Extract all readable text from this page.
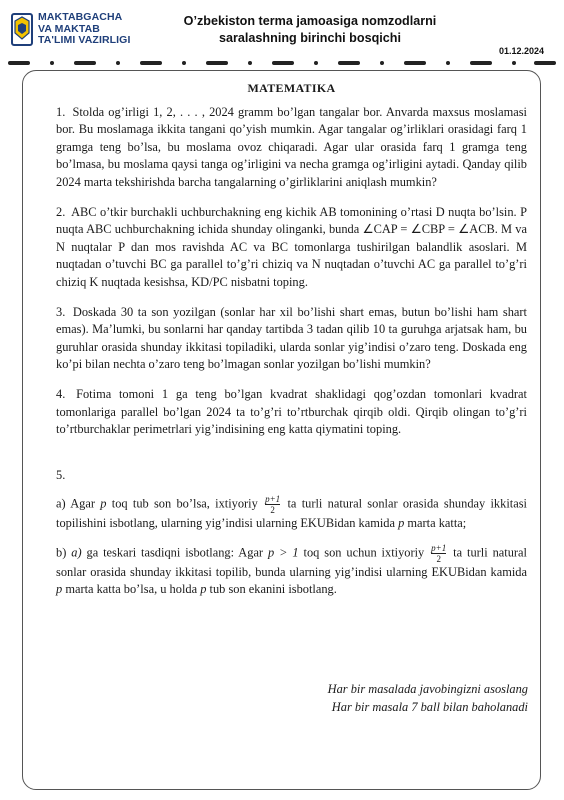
MAKTABGACHA
VA MAKTAB
TA'LIMI VAZIRLIGI
O’zbekiston terma jamoasiga nomzodlarni
saralashning birinchi bosqichi
01.12.2024
MATEMATIKA
1. Stolda og’irligi 1, 2, . . . , 2024 gramm bo’lgan tangalar bor. Anvarda maxsus moslamasi bor. Bu moslamaga ikkita tangani qo’yish mumkin. Agar tangalar og’irliklari orasidagi farq 1 gramga teng bo’lsa, bu moslama ovoz chiqaradi. Agar ular orasida farq 1 gramga teng bo’lmasa, bu moslama qaysi tanga og’irligini va necha gramga og’irligini aytadi. Qanday qilib 2024 marta tekshirishda barcha tangalarning o’girliklarini aniqlash mumkin?
2. ABC o’tkir burchakli uchburchakning eng kichik AB tomonining o’rtasi D nuqta bo’lsin. P nuqta ABC uchburchakning ichida shunday olinganki, bunda ∠CAP = ∠CBP = ∠ACB. M va N nuqtalar P dan mos ravishda AC va BC tomonlarga tushirilgan balandlik asoslari. M nuqtadan o’tuvchi BC ga parallel to’g’ri chiziq va N nuqtadan o’tuvchi AC ga parallel to’g’ri chiziq K nuqtada kesishsa, KD/PC nisbatni toping.
3. Doskada 30 ta son yozilgan (sonlar har xil bo’lishi shart emas, butun bo’lishi ham shart emas). Ma’lumki, bu sonlarni har qanday tartibda 3 tadan qilib 10 ta guruhga arjatsak ham, bu guruhlar orasida shunday ikkitasi topiladiki, ularda sonlar yig’indisi o’zaro teng. Doskada eng ko’pi bilan nechta o’zaro teng bo’lmagan sonlar yozilgan bo’lishi mumkin?
4. Fotima tomoni 1 ga teng bo’lgan kvadrat shaklidagi qog’ozdan tomonlari kvadrat tomonlariga parallel bo’lgan 2024 ta to’g’ri to’rtburchak qirqib oldi. Qirqib olingan to’g’ri to’rtburchaklar perimetrlari yig’indisining eng katta qiymatini toping.
5.
a) Agar p toq tub son bo’lsa, ixtiyoriy $\frac{p+1}{2}$ ta turli natural sonlar orasida shunday ikkitasi topilishini isbotlang, ularning yig’indisi ularning EKUBidan kamida p marta katta;
b) a) ga teskari tasdiqni isbotlang: Agar p > 1 toq son uchun ixtiyoriy $\frac{p+1}{2}$ ta turli natural sonlar orasida shunday ikkitasi topilib, bunda ularning yig’indisi ularning EKUBidan kamida p marta katta bo’lsa, u holda p tub son ekanini isbotlang.
Har bir masalada javobingizni asoslang
Har bir masala 7 ball bilan baholanadi
